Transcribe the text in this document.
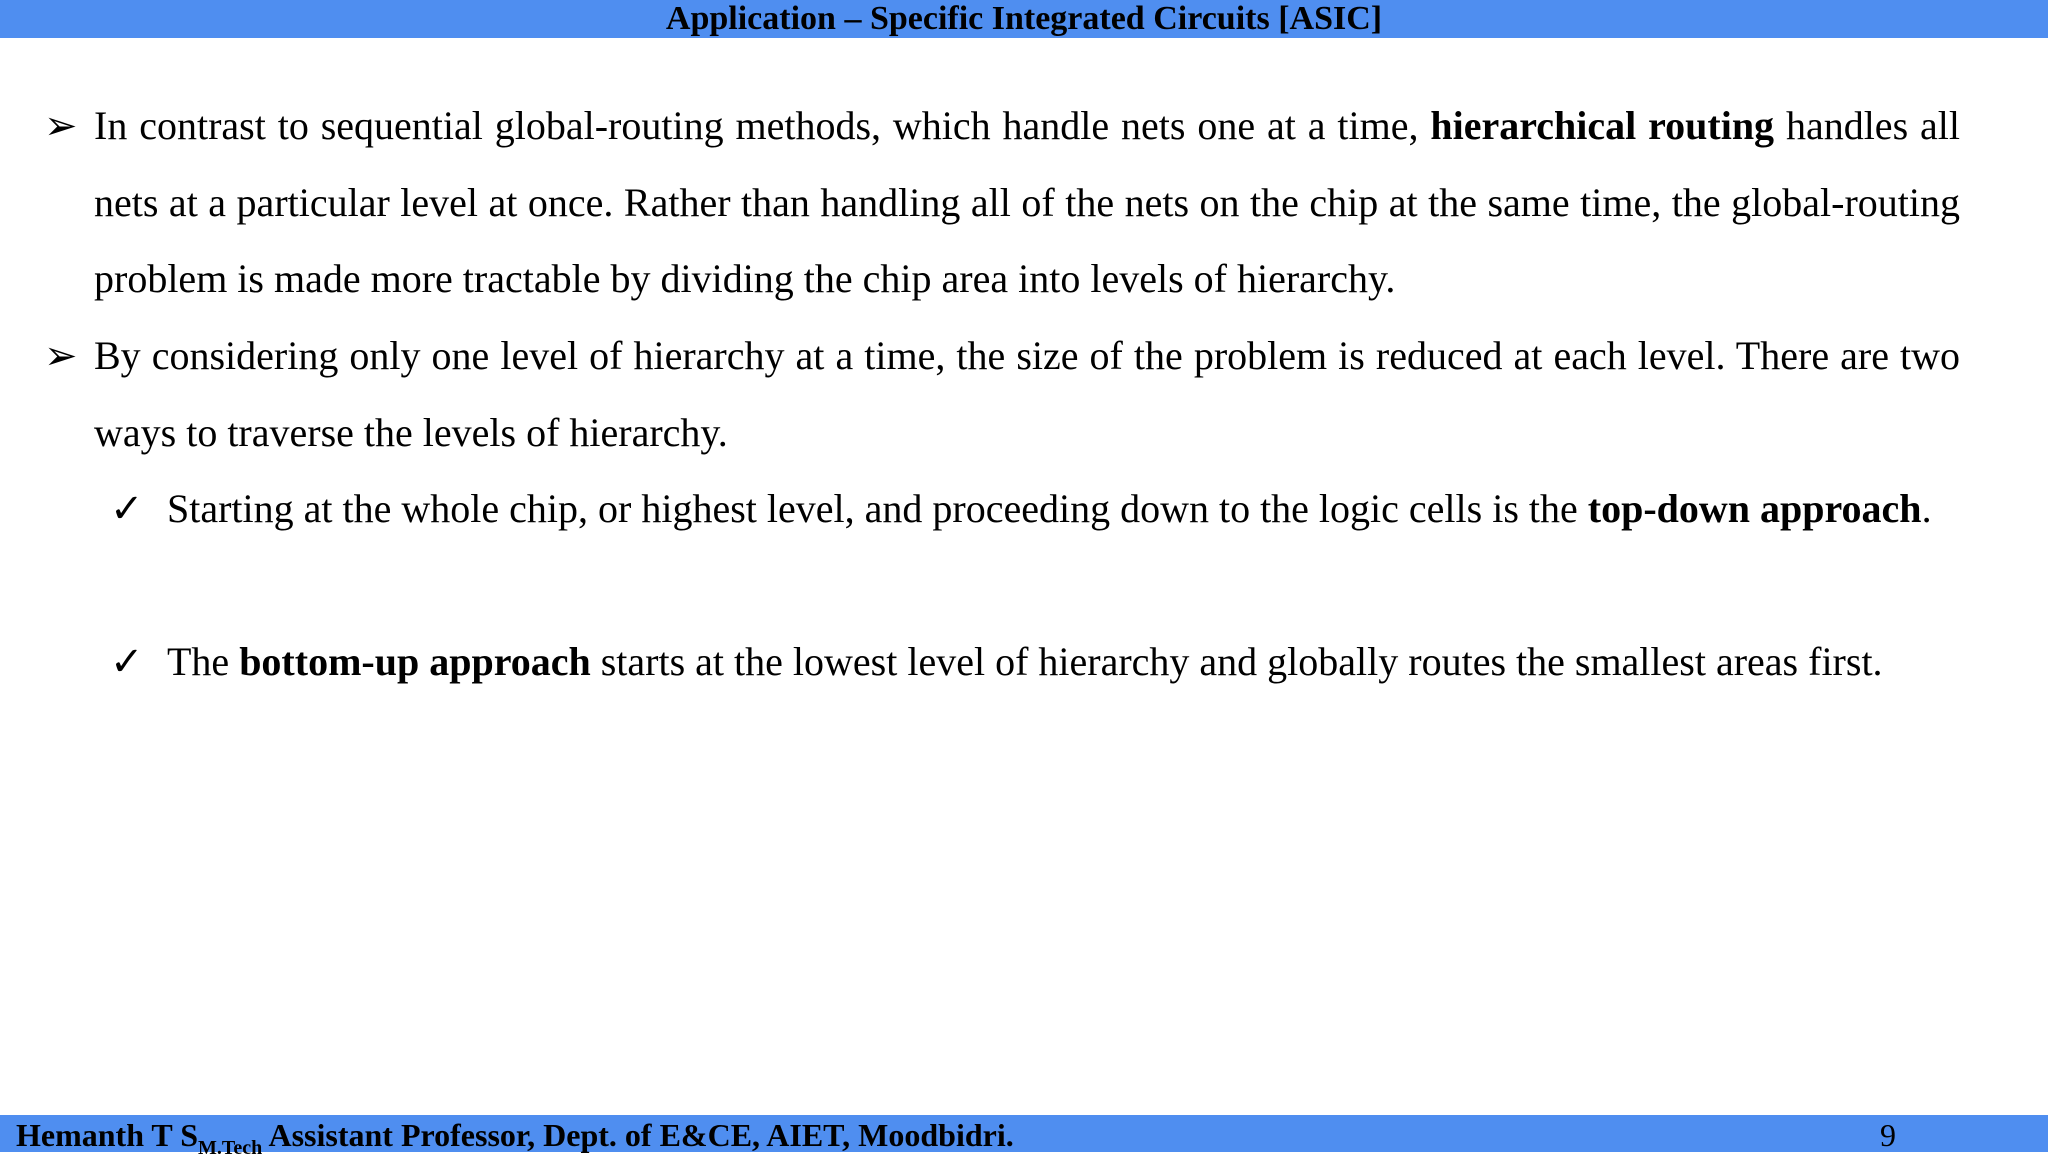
Application – Specific Integrated Circuits [ASIC]
➢ In contrast to sequential global-routing methods, which handle nets one at a time, hierarchical routing handles all nets at a particular level at once. Rather than handling all of the nets on the chip at the same time, the global-routing problem is made more tractable by dividing the chip area into levels of hierarchy.
➢ By considering only one level of hierarchy at a time, the size of the problem is reduced at each level. There are two ways to traverse the levels of hierarchy.
✓ Starting at the whole chip, or highest level, and proceeding down to the logic cells is the top-down approach.
✓ The bottom-up approach starts at the lowest level of hierarchy and globally routes the smallest areas first.
Hemanth T $S_{M.Tech}$ Assistant Professor, Dept. of E&CE, AIET, Moodbidri.	9
